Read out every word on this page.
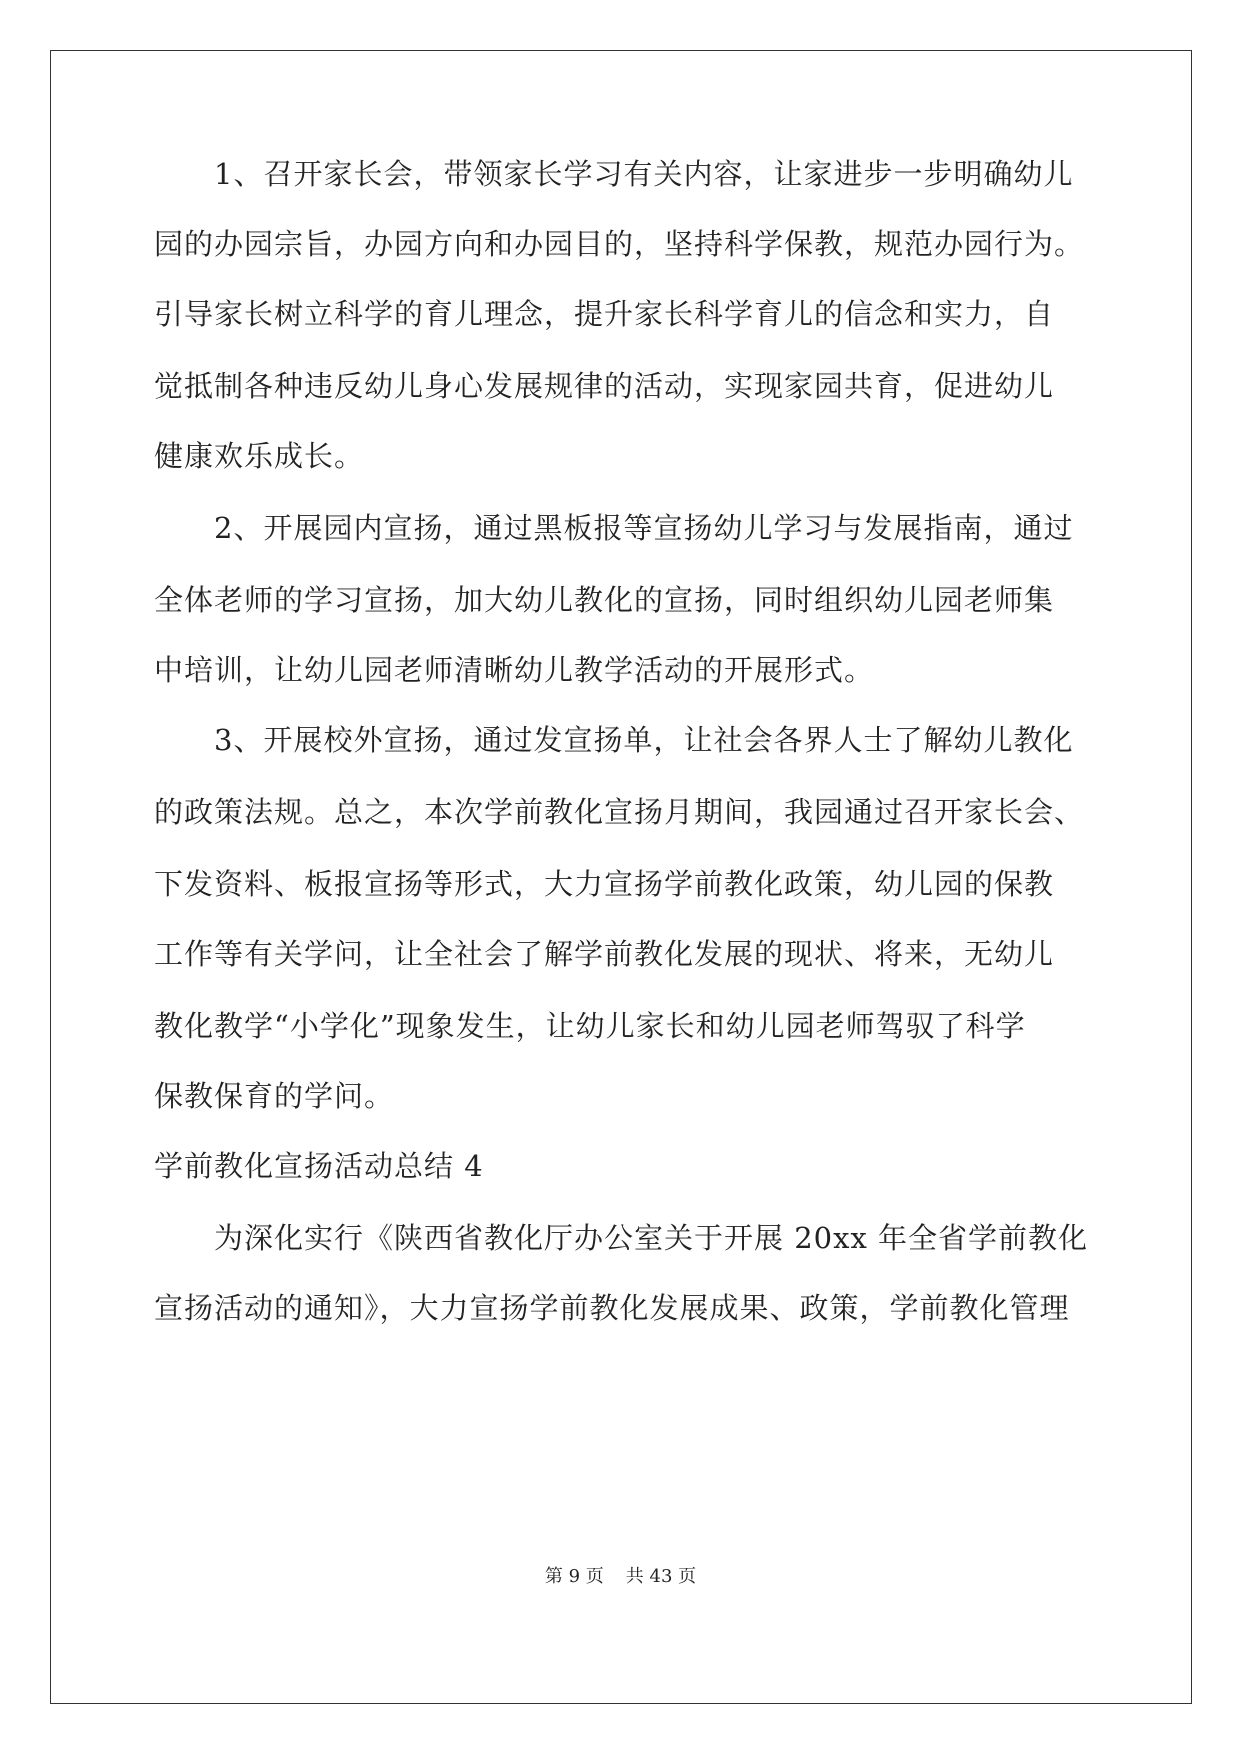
　　1、召开家长会，带领家长学习有关内容，让家进步一步明确幼儿
园的办园宗旨，办园方向和办园目的，坚持科学保教，规范办园行为。
引导家长树立科学的育儿理念，提升家长科学育儿的信念和实力，自
觉抵制各种违反幼儿身心发展规律的活动，实现家园共育，促进幼儿
健康欢乐成长。
　　2、开展园内宣扬，通过黑板报等宣扬幼儿学习与发展指南，通过
全体老师的学习宣扬，加大幼儿教化的宣扬，同时组织幼儿园老师集
中培训，让幼儿园老师清晰幼儿教学活动的开展形式。
　　3、开展校外宣扬，通过发宣扬单，让社会各界人士了解幼儿教化
的政策法规。总之，本次学前教化宣扬月期间，我园通过召开家长会、
下发资料、板报宣扬等形式，大力宣扬学前教化政策，幼儿园的保教
工作等有关学问，让全社会了解学前教化发展的现状、将来，无幼儿
教化教学“小学化”现象发生，让幼儿家长和幼儿园老师驾驭了科学
保教保育的学问。
学前教化宣扬活动总结 4
　　为深化实行《陕西省教化厅办公室关于开展 20xx 年全省学前教化
宣扬活动的通知》，大力宣扬学前教化发展成果、政策，学前教化管理
第 9 页 共 43 页
